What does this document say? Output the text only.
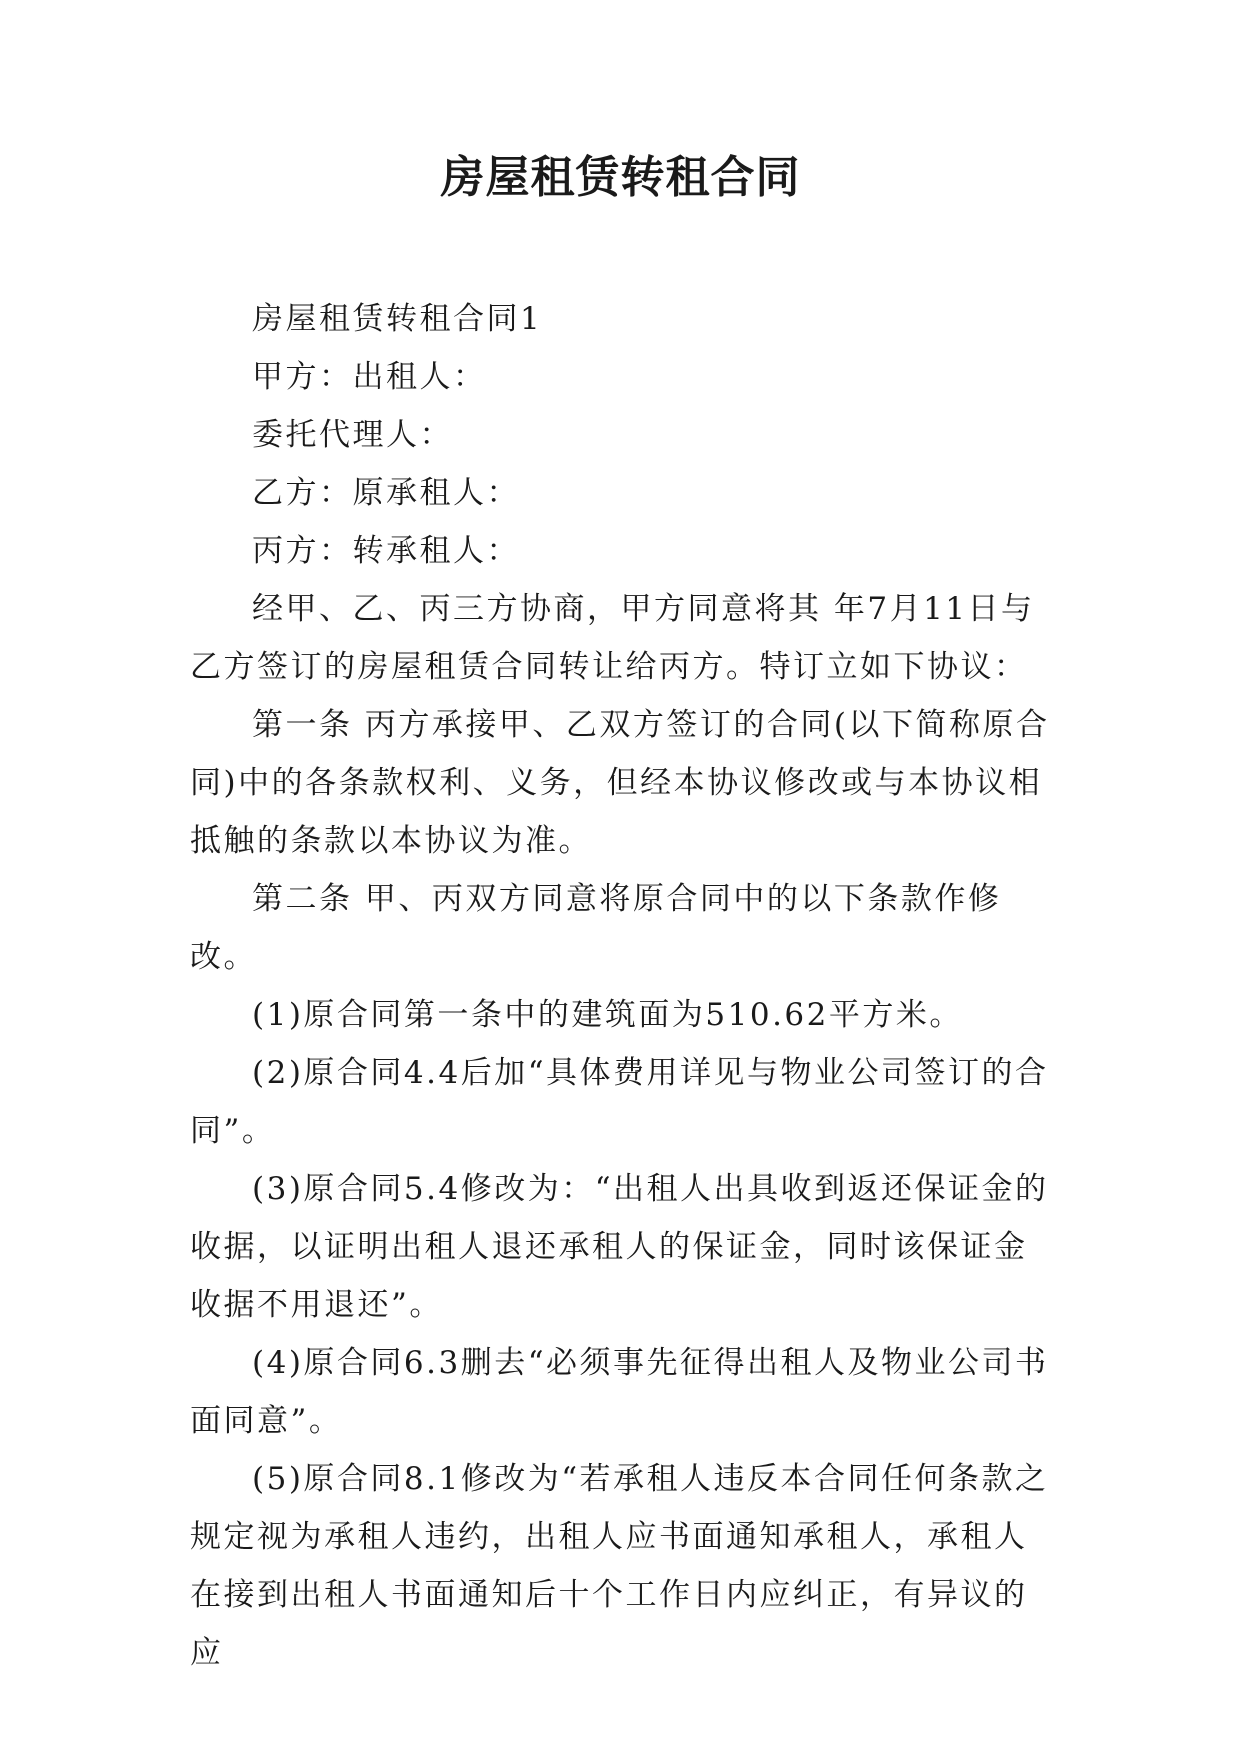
房屋租赁转租合同

房屋租赁转租合同1

甲方：出租人：

委托代理人：

乙方：原承租人：

丙方：转承租人：

经甲、乙、丙三方协商，甲方同意将其 年7月11日与乙方签订的房屋租赁合同转让给丙方。特订立如下协议：

第一条 丙方承接甲、乙双方签订的合同(以下简称原合同)中的各条款权利、义务，但经本协议修改或与本协议相抵触的条款以本协议为准。

第二条 甲、丙双方同意将原合同中的以下条款作修改。

(1)原合同第一条中的建筑面为510.62平方米。

(2)原合同4.4后加“具体费用详见与物业公司签订的合同”。

(3)原合同5.4修改为：“出租人出具收到返还保证金的收据，以证明出租人退还承租人的保证金，同时该保证金收据不用退还”。

(4)原合同6.3删去“必须事先征得出租人及物业公司书面同意”。

(5)原合同8.1修改为“若承租人违反本合同任何条款之规定视为承租人违约，出租人应书面通知承租人，承租人在接到出租人书面通知后十个工作日内应纠正，有异议的应
